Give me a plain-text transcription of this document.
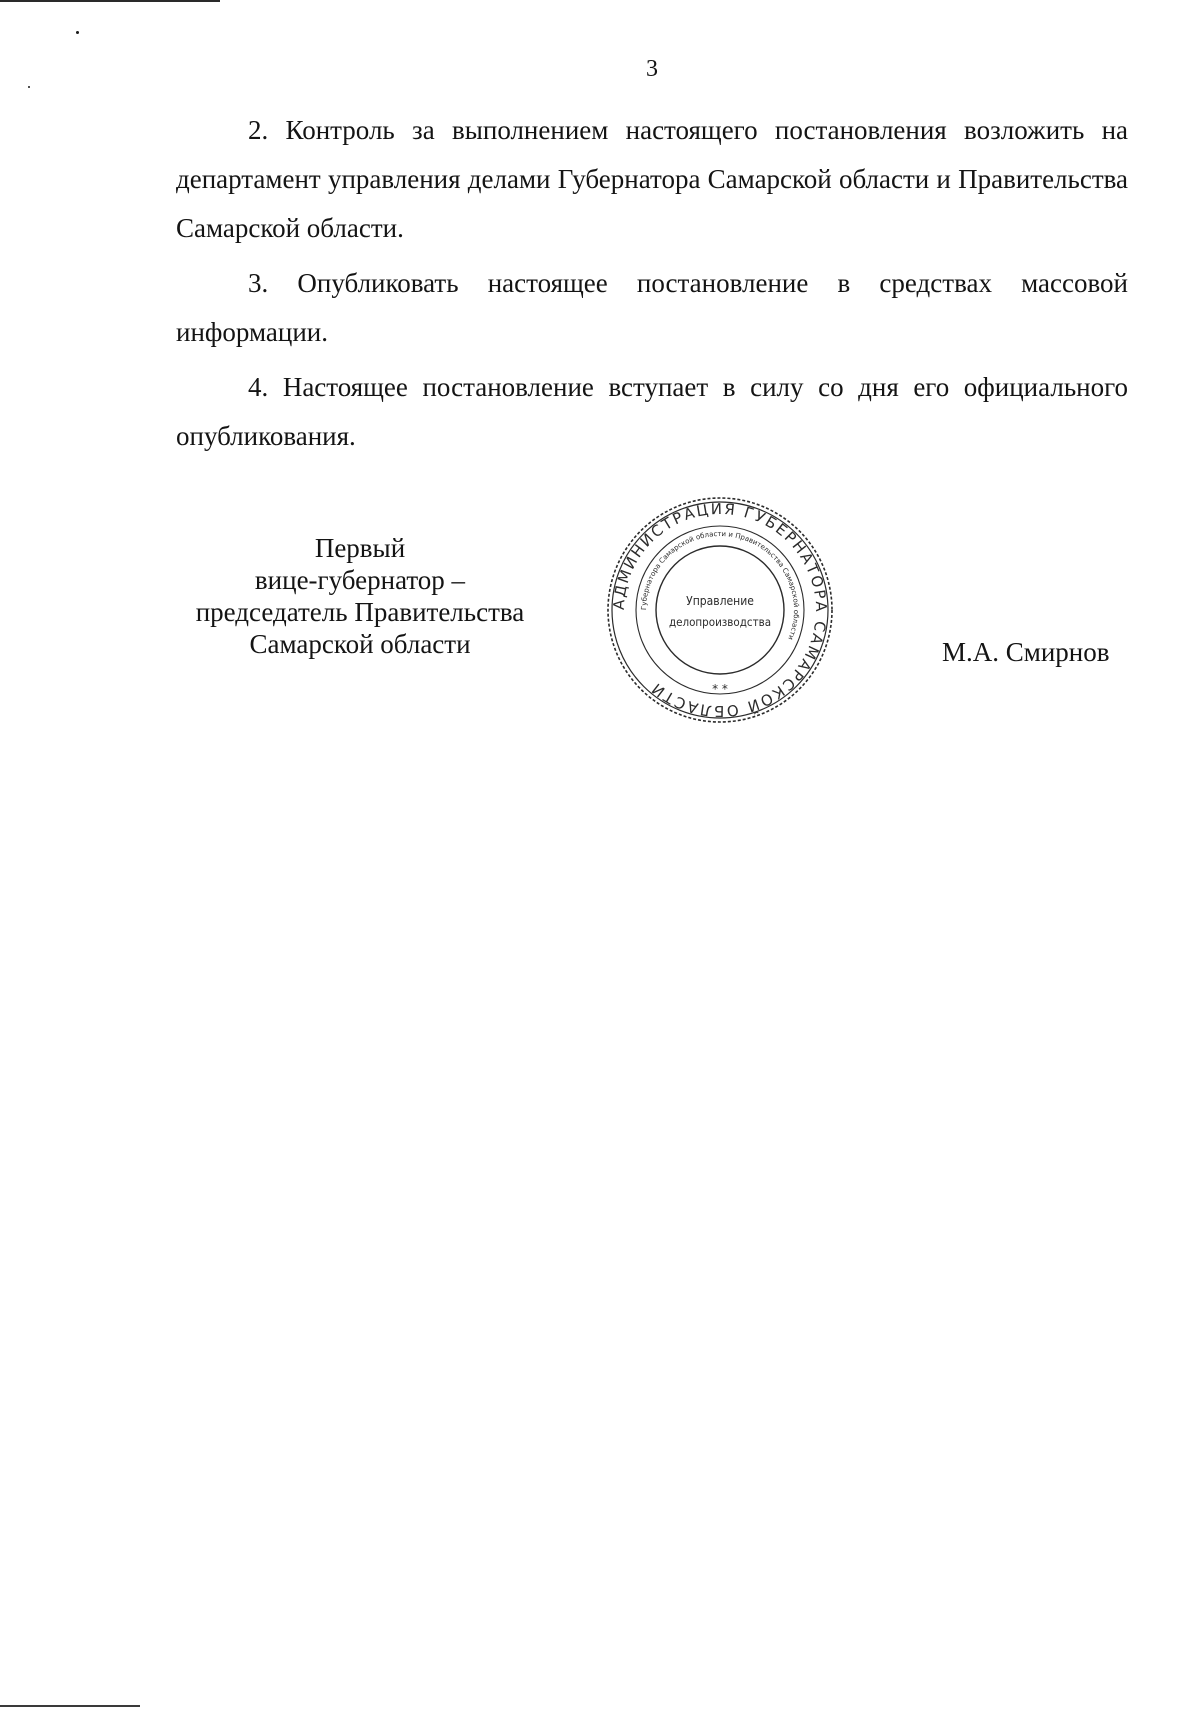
3

2. Контроль за выполнением настоящего постановления возложить на департамент управления делами Губернатора Самарской области и Правительства Самарской области.

3. Опубликовать настоящее постановление в средствах массовой информации.

4. Настоящее постановление вступает в силу со дня его официального опубликования.

Первый
вице-губернатор –
председатель Правительства
Самарской области
АДМИНИСТРАЦИЯ ГУБЕРНАТОРА САМАРСКОЙ ОБЛАСТИ
Губернатора Самарской области и Правительства Самарской области
Управление
делопроизводства
* *
М.А. Смирнов
